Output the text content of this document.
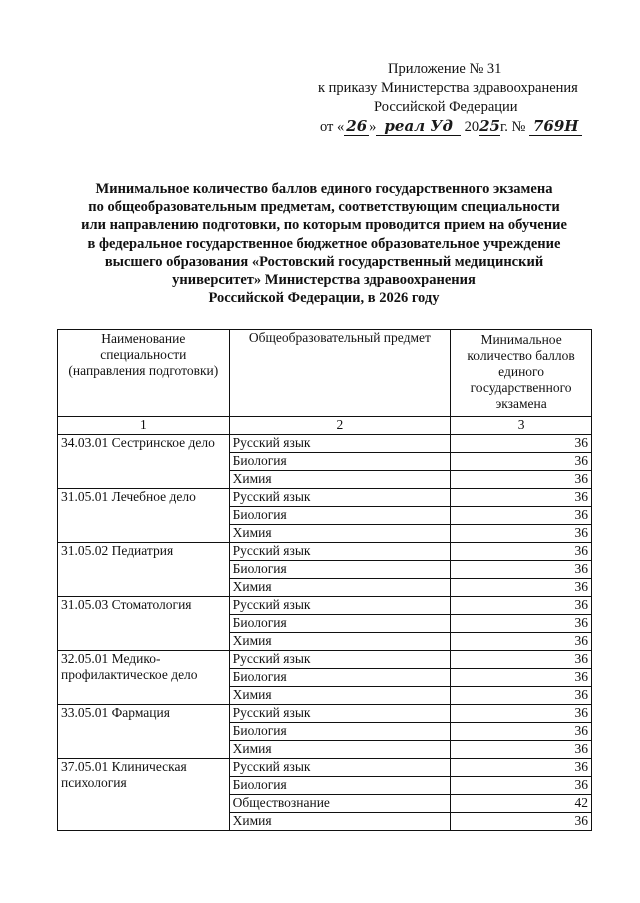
Приложение № 31
к приказу Министерства здравоохранения
Российской Федерации
от « 26 » реал Уд 2025г. № 769Н
Минимальное количество баллов единого государственного экзамена
по общеобразовательным предметам, соответствующим специальности
или направлению подготовки, по которым проводится прием на обучение
в федеральное государственное бюджетное образовательное учреждение
высшего образования «Ростовский государственный медицинский
университет» Министерства здравоохранения
Российской Федерации, в 2026 году
Наименование специальности (направления подготовки)	Общеобразовательный предмет	Минимальное количество баллов единого государственного экзамена
1	2	3
34.03.01 Сестринское дело	Русский язык	36
	Биология	36
	Химия	36
31.05.01 Лечебное дело	Русский язык	36
	Биология	36
	Химия	36
31.05.02 Педиатрия	Русский язык	36
	Биология	36
	Химия	36
31.05.03 Стоматология	Русский язык	36
	Биология	36
	Химия	36
32.05.01 Медико-профилактическое дело	Русский язык	36
	Биология	36
	Химия	36
33.05.01 Фармация	Русский язык	36
	Биология	36
	Химия	36
37.05.01 Клиническая психология	Русский язык	36
	Биология	36
	Обществознание	42
	Химия	36
